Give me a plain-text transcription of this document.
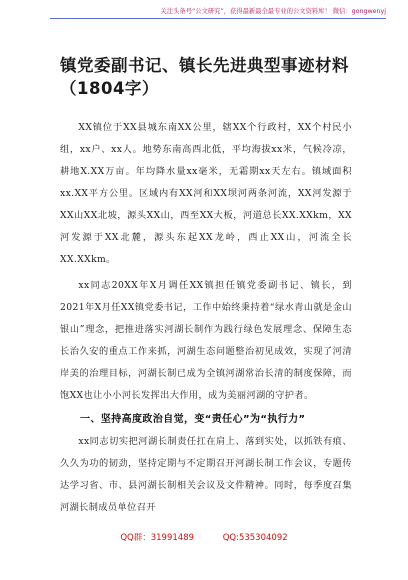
关注头条号“公文研究”，获得最新最全最专业的公文资料库！ 微信：gongwenyj
镇党委副书记、镇长先进典型事迹材料（1804字）

XX镇位于XX县城东南XX公里，辖XX个行政村，XX个村民小组，xx户、xx人。地势东南高西北低，平均海拔xx米，气候冷凉，耕地X.XX万亩。年均降水量xx毫米，无霜期xx天左右。镇域面积xx.XX平方公里。区域内有XX河和XX坝河两条河流，XX河发源于XX山XX北坡，源头XX山，西至XX大板，河道总长XX.XXkm，XX河发源于XX北麓，源头东起XX龙岭，西止XX山，河流全长XX.XXkm。

xx同志20XX年X月调任XX镇担任镇党委副书记、镇长，到2021年X月任XX镇党委书记，工作中始终秉持着“绿水青山就是金山银山”理念，把推进落实河湖长制作为践行绿色发展理念、保障生态长治久安的重点工作来抓，河湖生态问题整治初见成效，实现了河清岸美的治理目标，河湖长制已成为全镇河湖常治长清的制度保障，而饱XX也让小小河长发挥出大作用，成为美丽河湖的守护者。

一、坚持高度政治自觉，变“责任心”为“执行力”

xx同志切实把河湖长制责任扛在肩上、落到实处，以抓铁有痕、久久为功的韧劲，坚持定期与不定期召开河湖长制工作会议，专题传达学习省、市、县河湖长制相关会议及文件精神。同时，每季度召集河湖长制成员单位召开

QQ群：31991489	QQ:535304092
